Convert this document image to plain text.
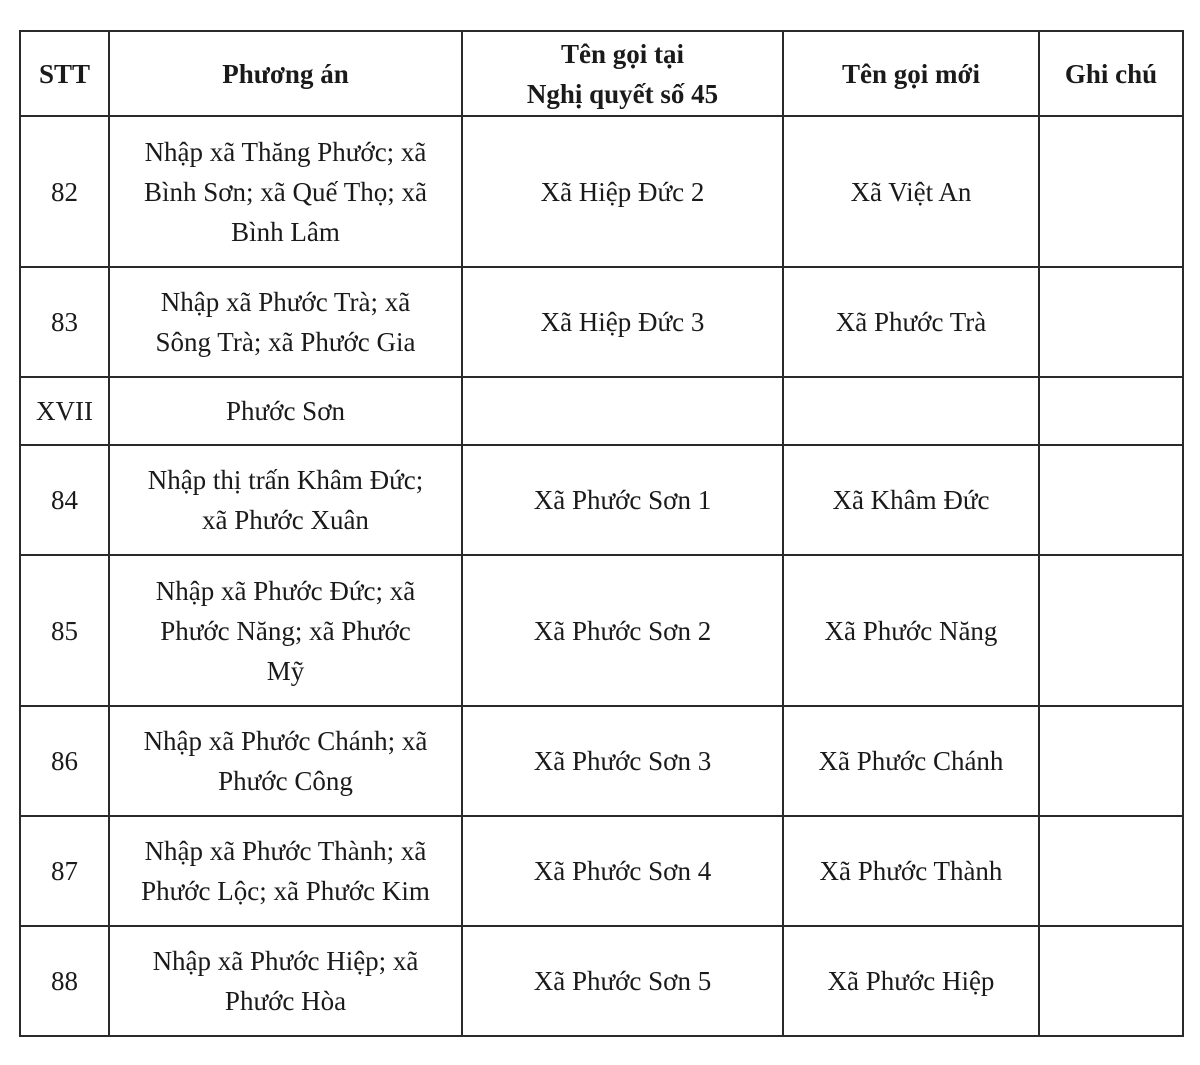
STT	Phương án	Tên gọi tại
Nghị quyết số 45	Tên gọi mới	Ghi chú
82	Nhập xã Thăng Phước; xã
Bình Sơn; xã Quế Thọ; xã
Bình Lâm	Xã Hiệp Đức 2	Xã Việt An	
83	Nhập xã Phước Trà; xã
Sông Trà; xã Phước Gia	Xã Hiệp Đức 3	Xã Phước Trà	
XVII	Phước Sơn			
84	Nhập thị trấn Khâm Đức;
xã Phước Xuân	Xã Phước Sơn 1	Xã Khâm Đức	
85	Nhập xã Phước Đức; xã
Phước Năng; xã Phước
Mỹ	Xã Phước Sơn 2	Xã Phước Năng	
86	Nhập xã Phước Chánh; xã
Phước Công	Xã Phước Sơn 3	Xã Phước Chánh	
87	Nhập xã Phước Thành; xã
Phước Lộc; xã Phước Kim	Xã Phước Sơn 4	Xã Phước Thành	
88	Nhập xã Phước Hiệp; xã
Phước Hòa	Xã Phước Sơn 5	Xã Phước Hiệp	
